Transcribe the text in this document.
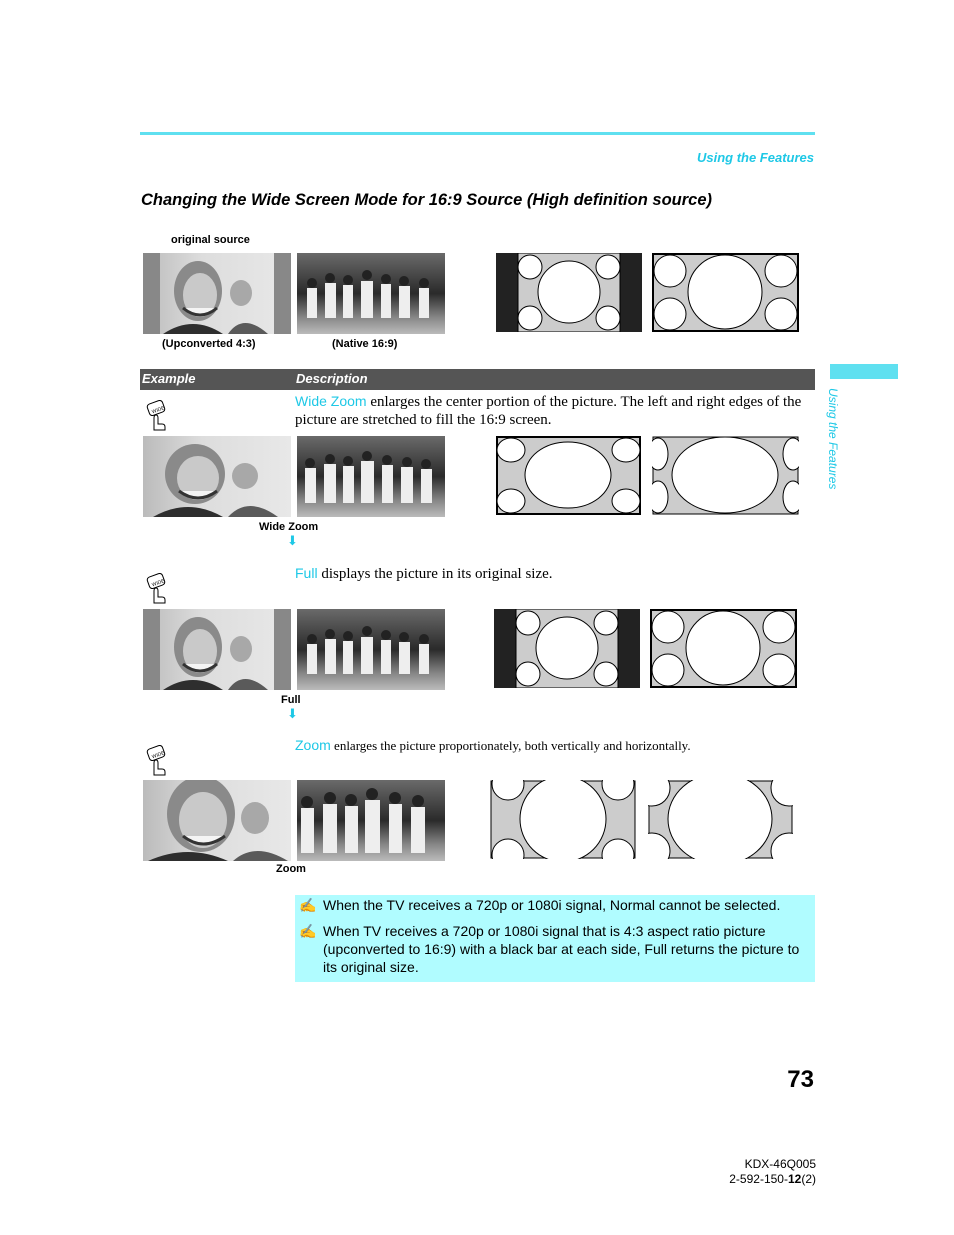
Using the Features
Changing the Wide Screen Mode for 16:9 Source (High definition source)
Using the Features
original source
(Upconverted 4:3)	(Native 16:9)
Example	Description
WIDE
Wide Zoom enlarges the center portion of the picture. The left and right edges of the picture are stretched to fill the 16:9 screen.
Wide Zoom
⬇
WIDE
Full displays the picture in its original size.
Full
⬇
WIDE
Zoom enlarges the picture proportionately, both vertically and horizontally.
Zoom
✍ When the TV receives a 720p or 1080i signal, Normal cannot be selected.
✍ When TV receives a 720p or 1080i signal that is 4:3 aspect ratio picture (upconverted to 16:9) with a black bar at each side, Full returns the picture to its original size.
73
KDX-46Q005
2-592-150-12(2)
